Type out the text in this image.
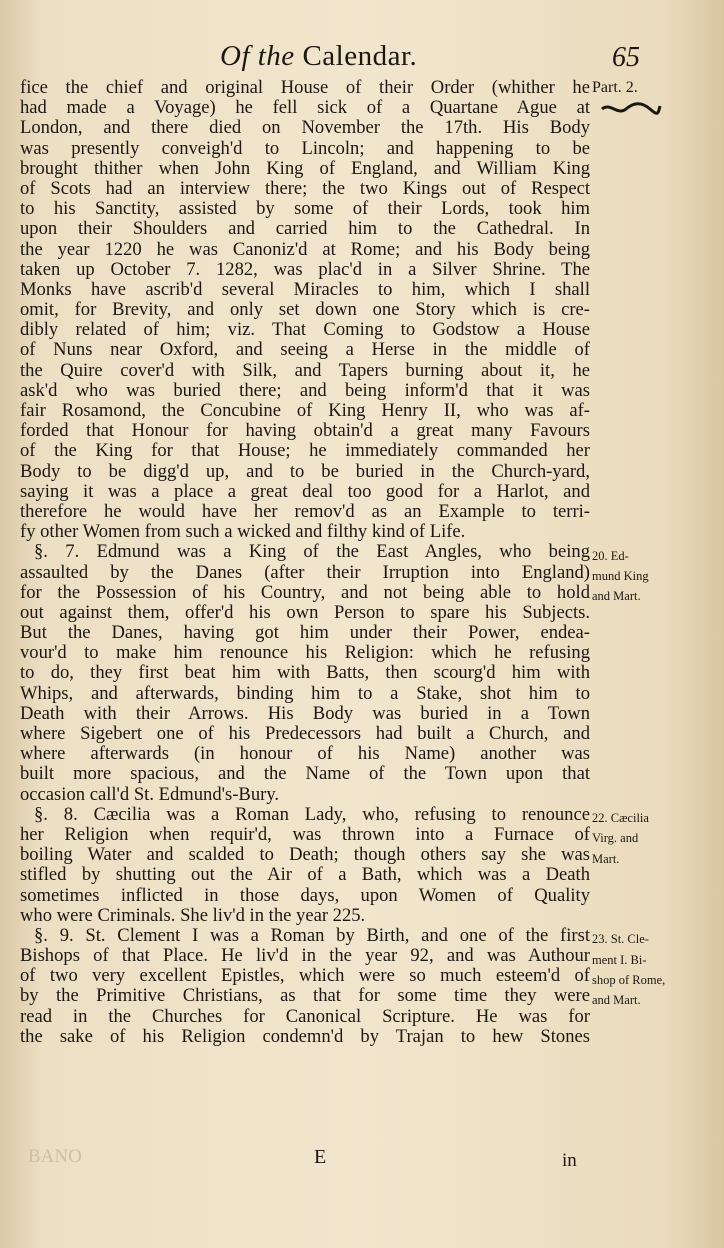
Of the Calendar.	65
fice the chief and original House of their Order (whither he
had made a Voyage) he fell sick of a Quartane Ague at
London, and there died on November the 17th. His Body
was presently conveigh'd to Lincoln; and happening to be
brought thither when John King of England, and William King
of Scots had an interview there; the two Kings out of Respect
to his Sanctity, assisted by some of their Lords, took him
upon their Shoulders and carried him to the Cathedral. In
the year 1220 he was Canoniz'd at Rome; and his Body being
taken up October 7. 1282, was plac'd in a Silver Shrine. The
Monks have ascrib'd several Miracles to him, which I shall
omit, for Brevity, and only set down one Story which is cre-
dibly related of him; viz. That Coming to Godstow a House
of Nuns near Oxford, and seeing a Herse in the middle of
the Quire cover'd with Silk, and Tapers burning about it, he
ask'd who was buried there; and being inform'd that it was
fair Rosamond, the Concubine of King Henry II, who was af-
forded that Honour for having obtain'd a great many Favours
of the King for that House; he immediately commanded her
Body to be digg'd up, and to be buried in the Church-yard,
saying it was a place a great deal too good for a Harlot, and
therefore he would have her remov'd as an Example to terri-
fy other Women from such a wicked and filthy kind of Life.
§. 7. Edmund was a King of the East Angles, who being
assaulted by the Danes (after their Irruption into England)
for the Possession of his Country, and not being able to hold
out against them, offer'd his own Person to spare his Subjects.
But the Danes, having got him under their Power, endea-
vour'd to make him renounce his Religion: which he refusing
to do, they first beat him with Batts, then scourg'd him with
Whips, and afterwards, binding him to a Stake, shot him to
Death with their Arrows. His Body was buried in a Town
where Sigebert one of his Predecessors had built a Church, and
where afterwards (in honour of his Name) another was
built more spacious, and the Name of the Town upon that
occasion call'd St. Edmund's-Bury.
§. 8. Cæcilia was a Roman Lady, who, refusing to renounce
her Religion when requir'd, was thrown into a Furnace of
boiling Water and scalded to Death; though others say she was
stifled by shutting out the Air of a Bath, which was a Death
sometimes inflicted in those days, upon Women of Quality
who were Criminals. She liv'd in the year 225.
§. 9. St. Clement I was a Roman by Birth, and one of the first
Bishops of that Place. He liv'd in the year 92, and was Authour
of two very excellent Epistles, which were so much esteem'd of
by the Primitive Christians, as that for some time they were
read in the Churches for Canonical Scripture. He was for
the sake of his Religion condemn'd by Trajan to hew Stones
Part. 2.
20. Ed-
mund King
and Mart.
22. Cæcilia
Virg. and
Mart.
23. St. Cle-
ment I. Bi-
shop of Rome,
and Mart.
BANO	E	in
